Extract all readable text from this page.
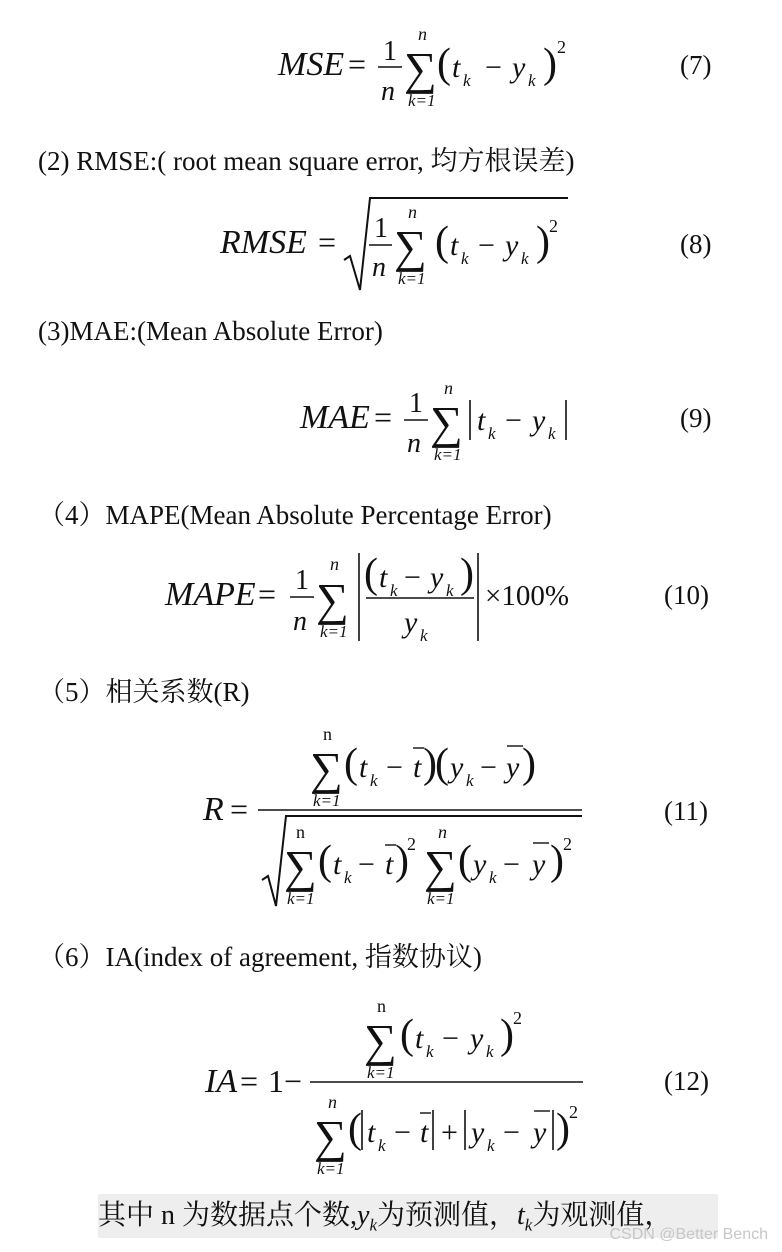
MSE = 1
n
n
∑
k=1
( t k − y k ) 2
(7)
(2) RMSE:( root mean square error, 均方根误差)
RMSE = 1
n
n
∑
k=1
( t k − y k ) 2
(8)
(3)MAE:(Mean Absolute Error)
MAE = 1
n
n
∑
k=1
t k − y k
(9)
（4）MAPE(Mean Absolute Percentage Error)
MAPE = 1
n
n
∑
k=1
( t k − y k )
y k
×100%	(10)
（5）相关系数(R)
R =
n
∑
k=1
( t k − t )
( y k − y )
n
∑
k=1
( t k − t )
2
n
∑
k=1
( y k − y ) 2
(11)
（6）IA(index of agreement, 指数协议)
IA = 1−
n
∑
k=1
( t k − y k ) 2
n
∑
k=1
( t k − t + y k − y ) 2
(12)
其中 n 为数据点个数$,y_k$为预测值，$t_k$为观测值，
CSDN @Better Bench
